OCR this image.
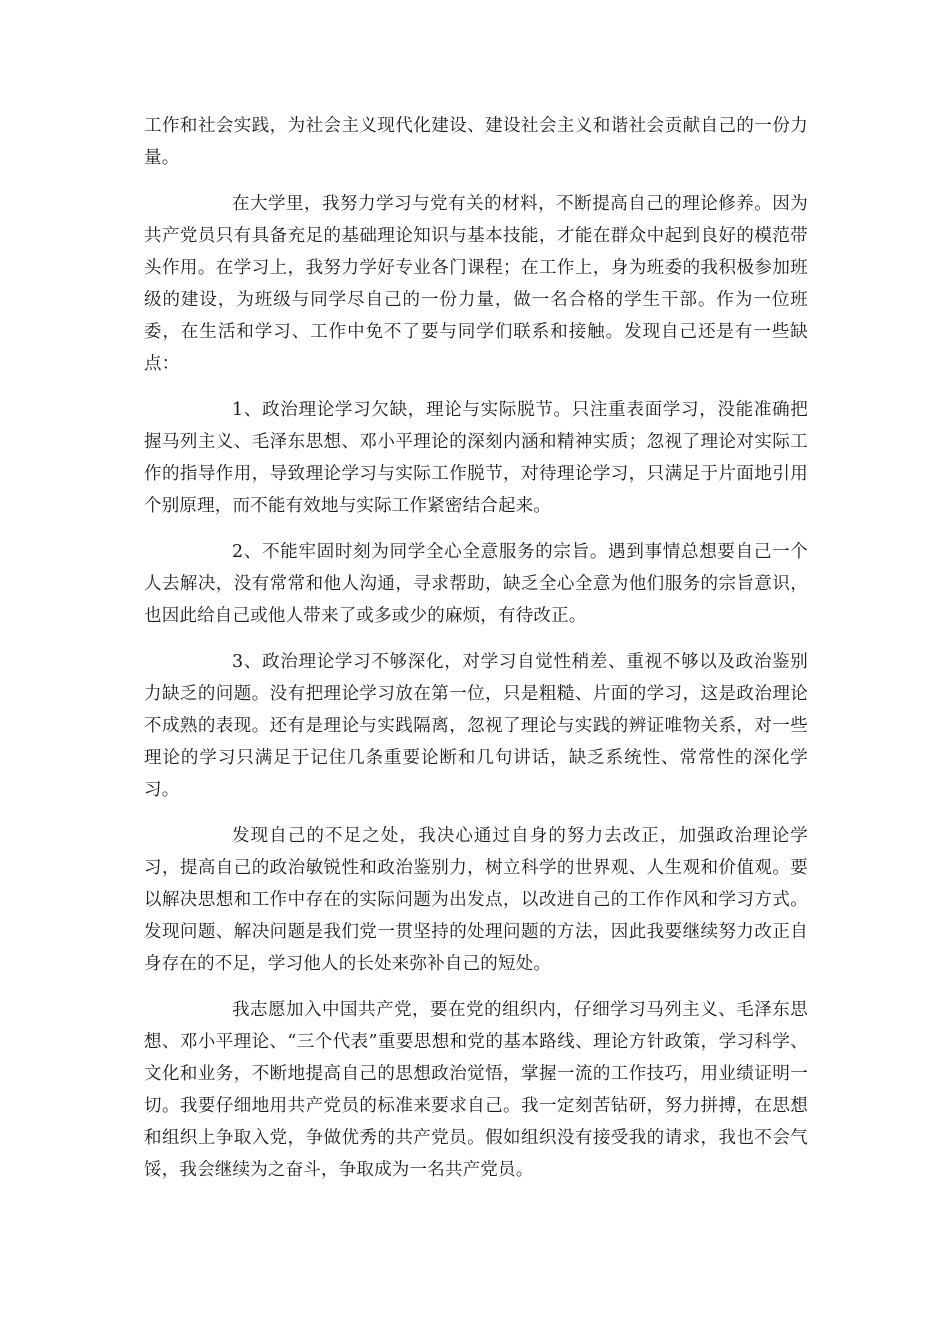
工作和社会实践，为社会主义现代化建设、建设社会主义和谐社会贡献自己的一份力量。

在大学里，我努力学习与党有关的材料，不断提高自己的理论修养。因为共产党员只有具备充足的基础理论知识与基本技能，才能在群众中起到良好的模范带头作用。在学习上，我努力学好专业各门课程；在工作上，身为班委的我积极参加班级的建设，为班级与同学尽自己的一份力量，做一名合格的学生干部。作为一位班委，在生活和学习、工作中免不了要与同学们联系和接触。发现自己还是有一些缺点：

1、政治理论学习欠缺，理论与实际脱节。只注重表面学习，没能准确把握马列主义、毛泽东思想、邓小平理论的深刻内涵和精神实质；忽视了理论对实际工作的指导作用，导致理论学习与实际工作脱节，对待理论学习，只满足于片面地引用个别原理，而不能有效地与实际工作紧密结合起来。

2、不能牢固时刻为同学全心全意服务的宗旨。遇到事情总想要自己一个人去解决，没有常常和他人沟通，寻求帮助，缺乏全心全意为他们服务的宗旨意识，也因此给自己或他人带来了或多或少的麻烦，有待改正。

3、政治理论学习不够深化，对学习自觉性稍差、重视不够以及政治鉴别力缺乏的问题。没有把理论学习放在第一位，只是粗糙、片面的学习，这是政治理论不成熟的表现。还有是理论与实践隔离，忽视了理论与实践的辨证唯物关系，对一些理论的学习只满足于记住几条重要论断和几句讲话，缺乏系统性、常常性的深化学习。

发现自己的不足之处，我决心通过自身的努力去改正，加强政治理论学习，提高自己的政治敏锐性和政治鉴别力，树立科学的世界观、人生观和价值观。要以解决思想和工作中存在的实际问题为出发点，以改进自己的工作作风和学习方式。发现问题、解决问题是我们党一贯坚持的处理问题的方法，因此我要继续努力改正自身存在的不足，学习他人的长处来弥补自己的短处。

我志愿加入中国共产党，要在党的组织内，仔细学习马列主义、毛泽东思想、邓小平理论、“三个代表”重要思想和党的基本路线、理论方针政策，学习科学、文化和业务，不断地提高自己的思想政治觉悟，掌握一流的工作技巧，用业绩证明一切。我要仔细地用共产党员的标准来要求自己。我一定刻苦钻研，努力拼搏，在思想和组织上争取入党，争做优秀的共产党员。假如组织没有接受我的请求，我也不会气馁，我会继续为之奋斗，争取成为一名共产党员。
